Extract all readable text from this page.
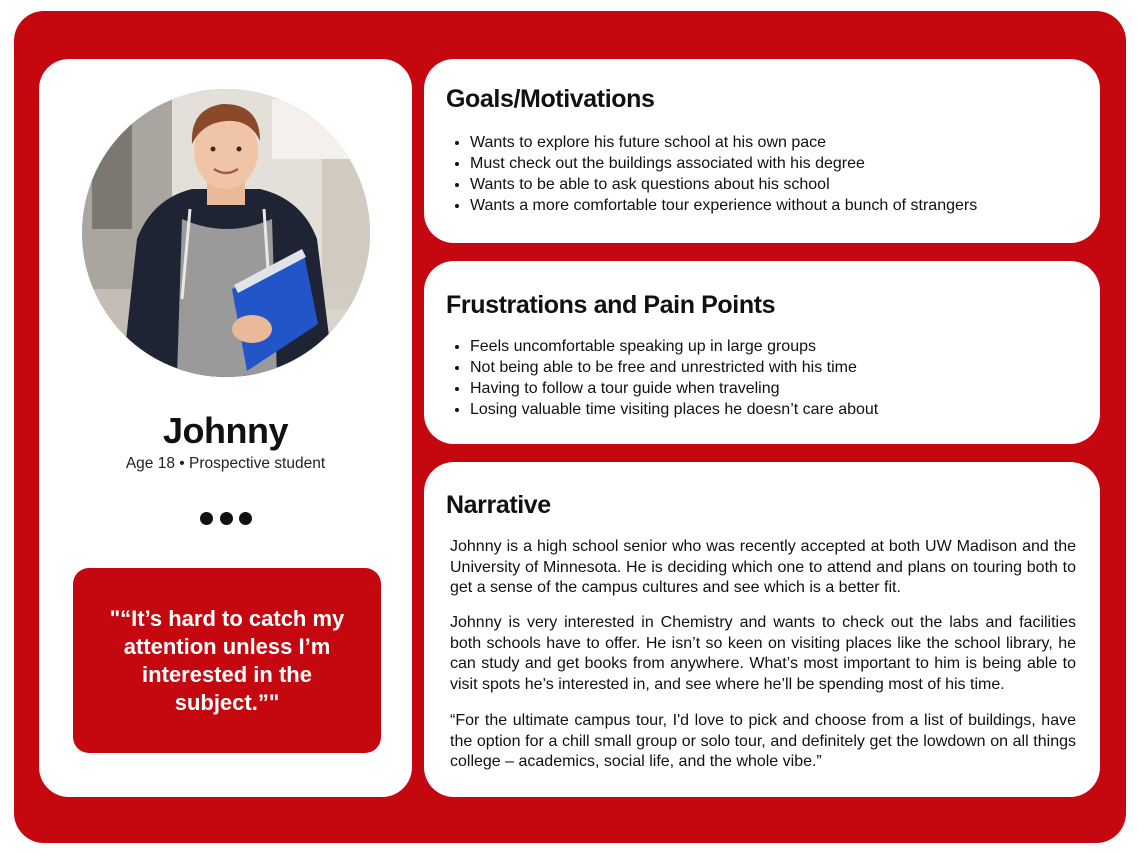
Johnny
Age 18 • Prospective student
"“It’s hard to catch my attention unless I’m interested in the subject.”"
Goals/Motivations
• Wants to explore his future school at his own pace
• Must check out the buildings associated with his degree
• Wants to be able to ask questions about his school
• Wants a more comfortable tour experience without a bunch of strangers
Frustrations and Pain Points
• Feels uncomfortable speaking up in large groups
• Not being able to be free and unrestricted with his time
• Having to follow a tour guide when traveling
• Losing valuable time visiting places he doesn’t care about
Narrative

Johnny is a high school senior who was recently accepted at both UW Madison and the University of Minnesota. He is deciding which one to attend and plans on touring both to get a sense of the campus cultures and see which is a better fit.

Johnny is very interested in Chemistry and wants to check out the labs and facilities both schools have to offer. He isn’t so keen on visiting places like the school library, he can study and get books from anywhere. What’s most important to him is being able to visit spots he’s interested in, and see where he’ll be spending most of his time.

“For the ultimate campus tour, I'd love to pick and choose from a list of buildings, have the option for a chill small group or solo tour, and definitely get the lowdown on all things college – academics, social life, and the whole vibe.”
